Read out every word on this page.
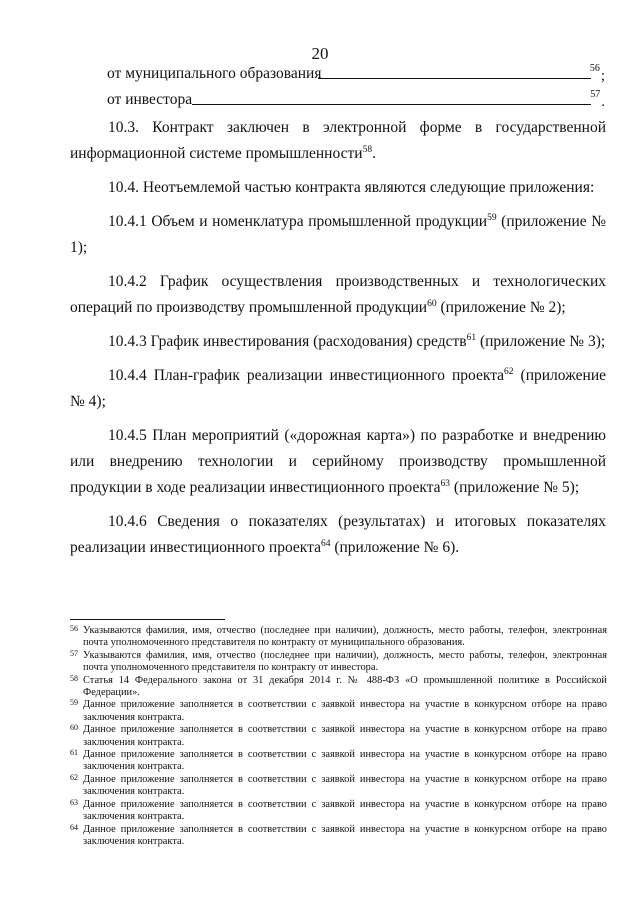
20
от муниципального образования	56;
от инвестора	57.

10.3. Контракт заключен в электронной форме в государственной информационной системе промышленности$^{58}$.

10.4. Неотъемлемой частью контракта являются следующие приложения:

10.4.1 Объем и номенклатура промышленной продукции$^{59}$ (приложение № 1);

10.4.2 График осуществления производственных и технологических операций по производству промышленной продукции$^{60}$ (приложение № 2);

10.4.3 График инвестирования (расходования) средств$^{61}$ (приложение № 3);

10.4.4 План-график реализации инвестиционного проекта$^{62}$ (приложение № 4);

10.4.5 План мероприятий («дорожная карта») по разработке и внедрению или внедрению технологии и серийному производству промышленной продукции в ходе реализации инвестиционного проекта$^{63}$ (приложение № 5);

10.4.6 Сведения о показателях (результатах) и итоговых показателях реализации инвестиционного проекта$^{64}$ (приложение № 6).

56 Указываются фамилия, имя, отчество (последнее при наличии), должность, место работы, телефон, электронная почта уполномоченного представителя по контракту от муниципального образования.

57 Указываются фамилия, имя, отчество (последнее при наличии), должность, место работы, телефон, электронная почта уполномоченного представителя по контракту от инвестора.

58 Статья 14 Федерального закона от 31 декабря 2014 г. № 488-ФЗ «О промышленной политике в Российской Федерации».

59 Данное приложение заполняется в соответствии с заявкой инвестора на участие в конкурсном отборе на право заключения контракта.

60 Данное приложение заполняется в соответствии с заявкой инвестора на участие в конкурсном отборе на право заключения контракта.

61 Данное приложение заполняется в соответствии с заявкой инвестора на участие в конкурсном отборе на право заключения контракта.

62 Данное приложение заполняется в соответствии с заявкой инвестора на участие в конкурсном отборе на право заключения контракта.

63 Данное приложение заполняется в соответствии с заявкой инвестора на участие в конкурсном отборе на право заключения контракта.

64 Данное приложение заполняется в соответствии с заявкой инвестора на участие в конкурсном отборе на право заключения контракта.
